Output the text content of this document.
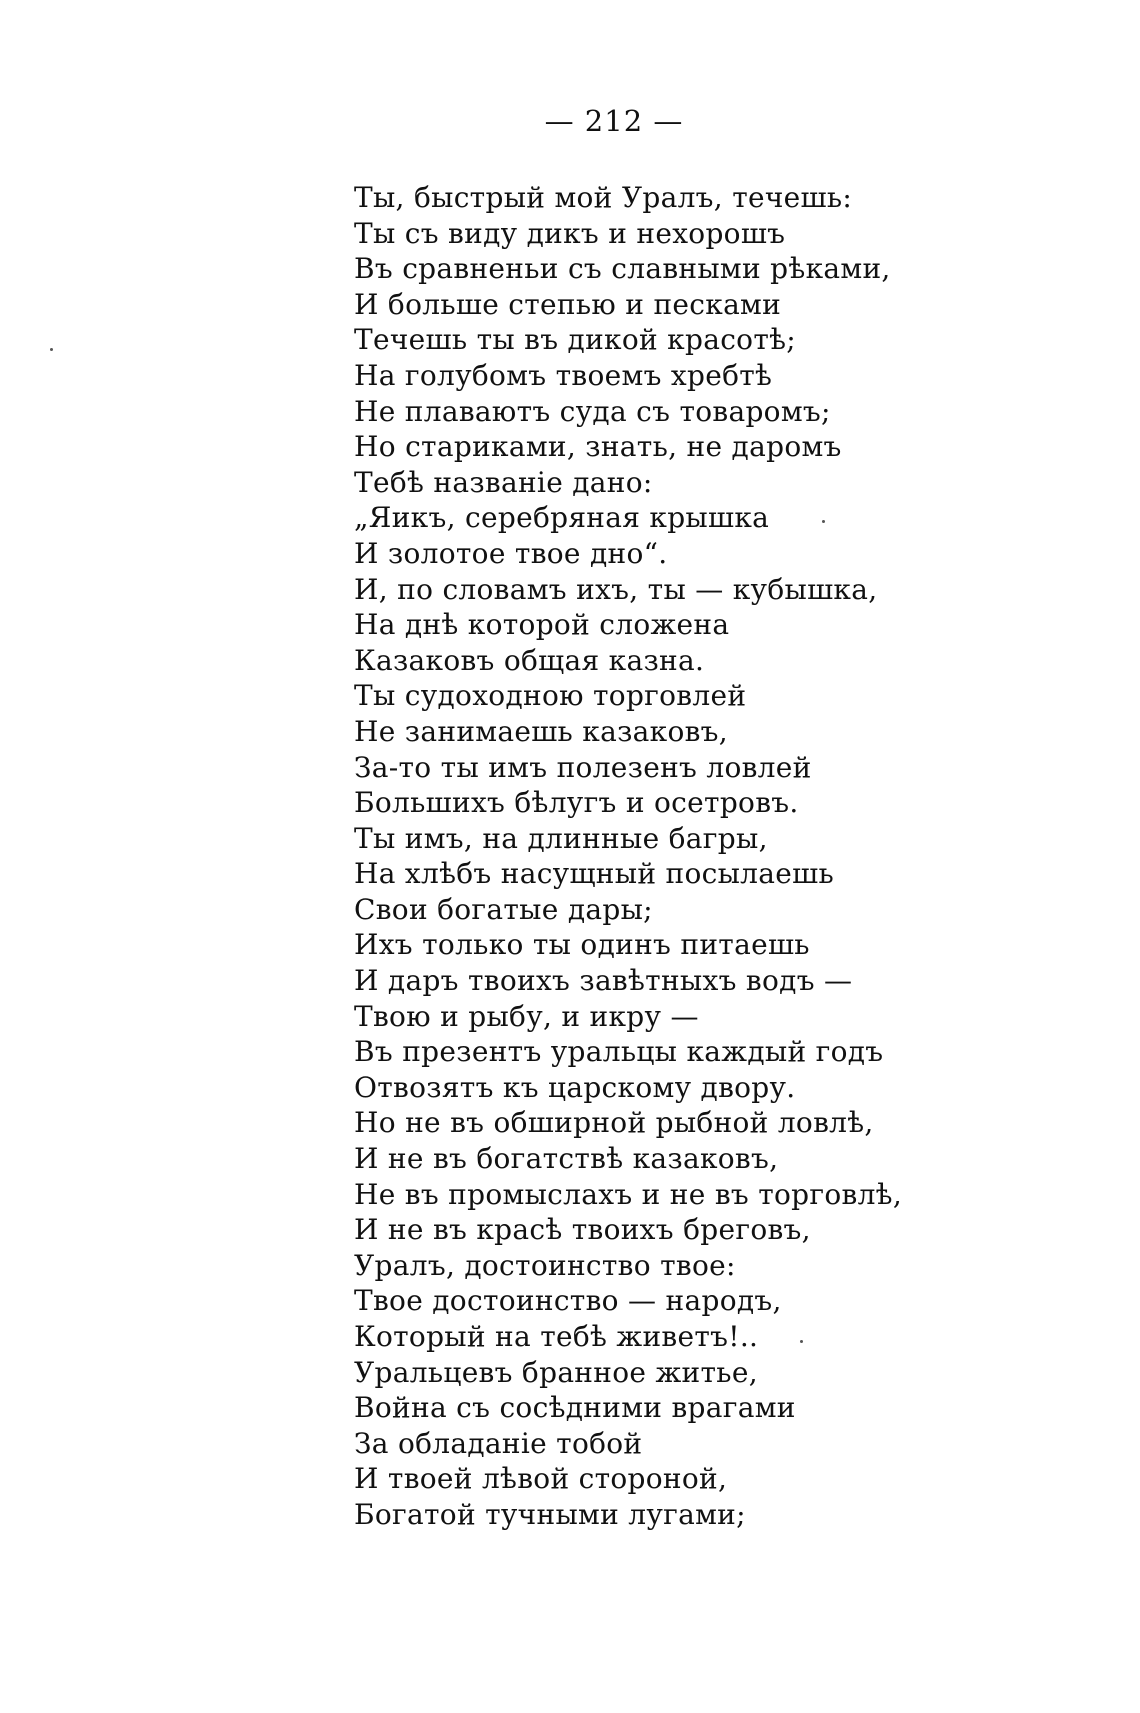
— 212 —
Ты, быстрый мой Уралъ, течешь:
Ты съ виду дикъ и нехорошъ
Въ сравненьи съ славными рѣками,
И больше степью и песками
Течешь ты въ дикой красотѣ;
На голубомъ твоемъ хребтѣ
Не плаваютъ суда съ товаромъ;
Но стариками, знать, не даромъ
Тебѣ названіе дано:
„Яикъ, серебряная крышка
И золотое твое дно“.
И, по словамъ ихъ, ты — кубышка,
На днѣ которой сложена
Казаковъ общая казна.
Ты судоходною торговлей
Не занимаешь казаковъ,
За-то ты имъ полезенъ ловлей
Большихъ бѣлугъ и осетровъ.
Ты имъ, на длинные багры,
На хлѣбъ насущный посылаешь
Свои богатые дары;
Ихъ только ты одинъ питаешь
И даръ твоихъ завѣтныхъ водъ —
Твою и рыбу, и икру —
Въ презентъ уральцы каждый годъ
Отвозятъ къ царскому двору.
Но не въ обширной рыбной ловлѣ,
И не въ богатствѣ казаковъ,
Не въ промыслахъ и не въ торговлѣ,
И не въ красѣ твоихъ бреговъ,
Уралъ, достоинство твое:
Твое достоинство — народъ,
Который на тебѣ живетъ!..
Уральцевъ бранное житье,
Война съ сосѣдними врагами
За обладаніе тобой
И твоей лѣвой стороной,
Богатой тучными лугами;
